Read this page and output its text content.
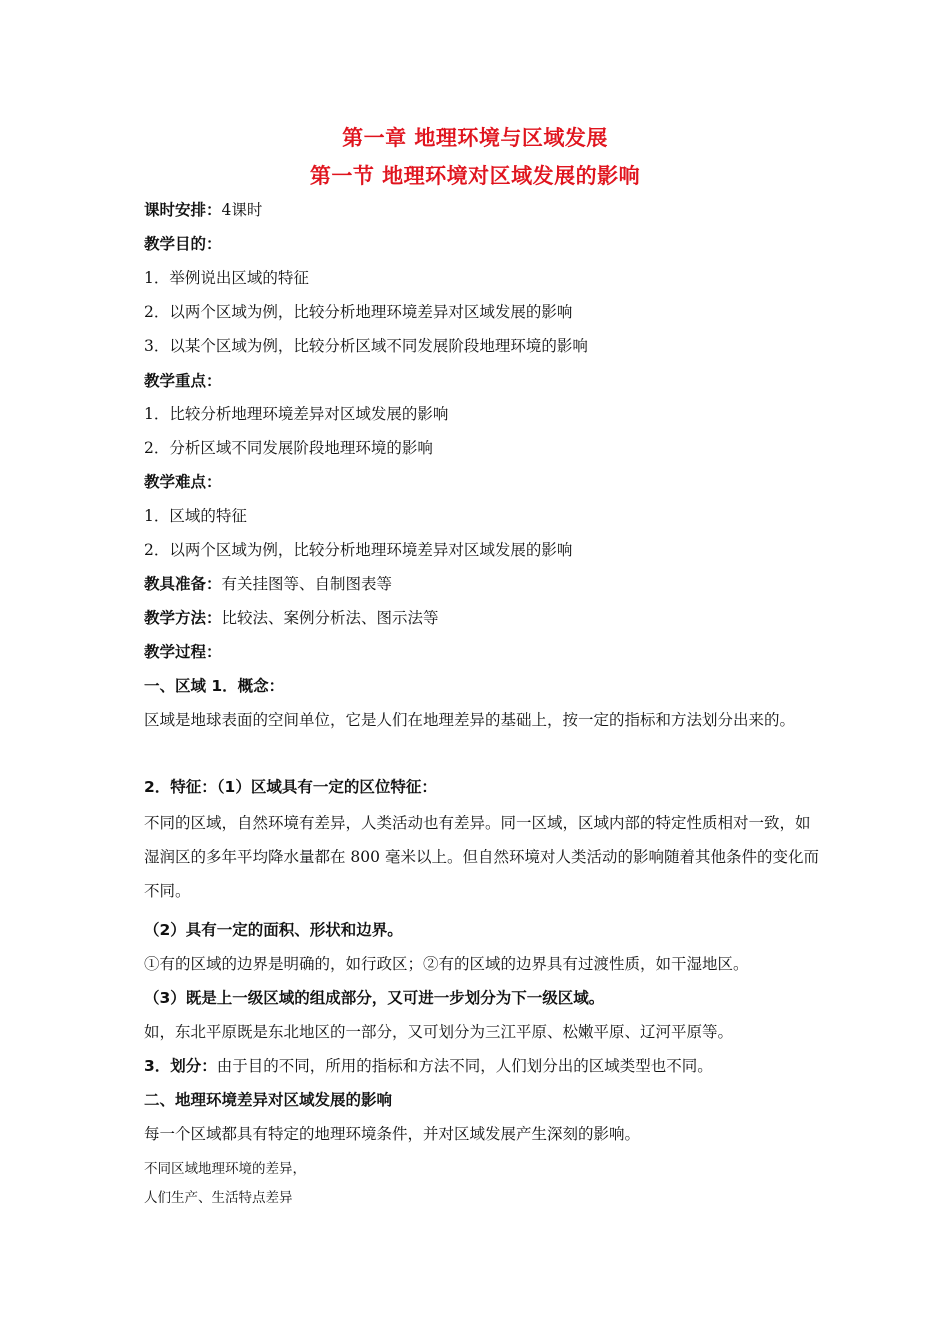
第一章 地理环境与区域发展
第一节 地理环境对区域发展的影响
课时安排：4课时
教学目的：
1．举例说出区域的特征
2．以两个区域为例，比较分析地理环境差异对区域发展的影响
3．以某个区域为例，比较分析区域不同发展阶段地理环境的影响
教学重点：
1．比较分析地理环境差异对区域发展的影响
2．分析区域不同发展阶段地理环境的影响
教学难点：
1．区域的特征
2．以两个区域为例，比较分析地理环境差异对区域发展的影响
教具准备：有关挂图等、自制图表等
教学方法：比较法、案例分析法、图示法等
教学过程：
一、区域 1．概念：
区域是地球表面的空间单位，它是人们在地理差异的基础上，按一定的指标和方法划分出来的。
2．特征：（1）区域具有一定的区位特征：
不同的区域，自然环境有差异，人类活动也有差异。同一区域，区域内部的特定性质相对一致，如湿润区的多年平均降水量都在 800 毫米以上。但自然环境对人类活动的影响随着其他条件的变化而不同。
（2）具有一定的面积、形状和边界。
①有的区域的边界是明确的，如行政区；②有的区域的边界具有过渡性质，如干湿地区。
（3）既是上一级区域的组成部分，又可进一步划分为下一级区域。
如，东北平原既是东北地区的一部分，又可划分为三江平原、松嫩平原、辽河平原等。
3．划分：由于目的不同，所用的指标和方法不同，人们划分出的区域类型也不同。
二、地理环境差异对区域发展的影响
每一个区域都具有特定的地理环境条件，并对区域发展产生深刻的影响。
不同区域地理环境的差异，
人们生产、生活特点差异
